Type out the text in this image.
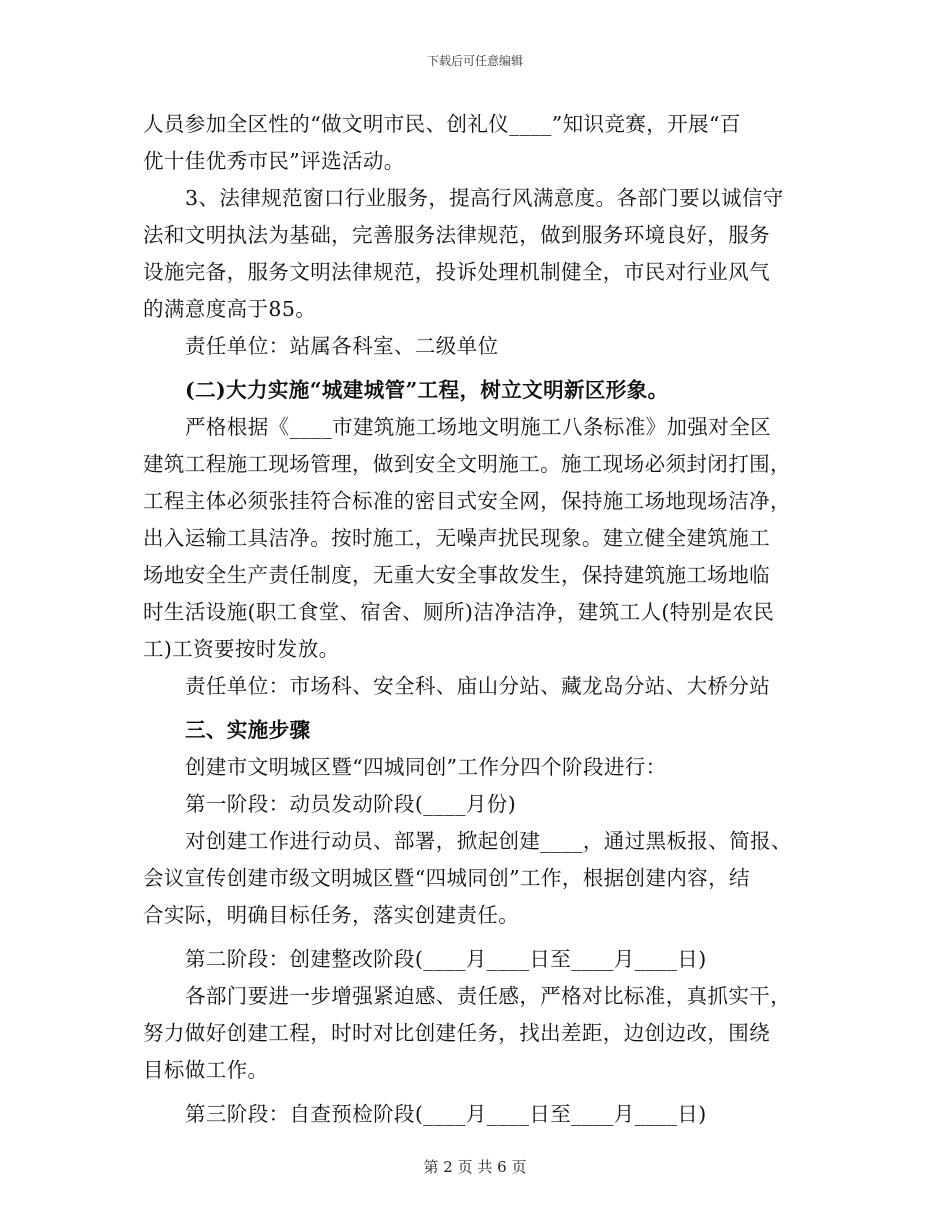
下载后可任意编辑
人员参加全区性的“做文明市民、创礼仪____”知识竞赛，开展“百
优十佳优秀市民”评选活动。
3、法律规范窗口行业服务，提高行风满意度。各部门要以诚信守
法和文明执法为基础，完善服务法律规范，做到服务环境良好，服务
设施完备，服务文明法律规范，投诉处理机制健全，市民对行业风气
的满意度高于85。
责任单位：站属各科室、二级单位
(二)大力实施“城建城管”工程，树立文明新区形象。
严格根据《____市建筑施工场地文明施工八条标准》加强对全区
建筑工程施工现场管理，做到安全文明施工。施工现场必须封闭打围，
工程主体必须张挂符合标准的密目式安全网，保持施工场地现场洁净，
出入运输工具洁净。按时施工，无噪声扰民现象。建立健全建筑施工
场地安全生产责任制度，无重大安全事故发生，保持建筑施工场地临
时生活设施(职工食堂、宿舍、厕所)洁净洁净，建筑工人(特别是农民
工)工资要按时发放。
责任单位：市场科、安全科、庙山分站、藏龙岛分站、大桥分站
三、实施步骤
创建市文明城区暨“四城同创”工作分四个阶段进行：
第一阶段：动员发动阶段(____月份)
对创建工作进行动员、部署，掀起创建____，通过黑板报、简报、
会议宣传创建市级文明城区暨“四城同创”工作，根据创建内容，结
合实际，明确目标任务，落实创建责任。
第二阶段：创建整改阶段(____月____日至____月____日)
各部门要进一步增强紧迫感、责任感，严格对比标准，真抓实干，
努力做好创建工程，时时对比创建任务，找出差距，边创边改，围绕
目标做工作。
第三阶段：自查预检阶段(____月____日至____月____日)
第 2 页 共 6 页
